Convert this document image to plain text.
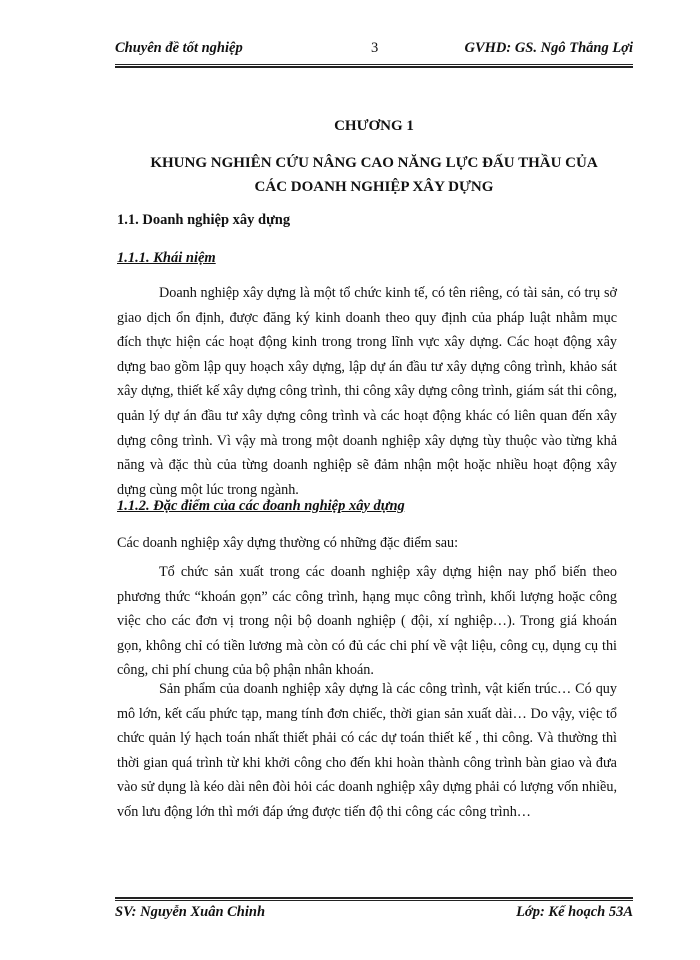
Chuyên đề tốt nghiệp	3	GVHD: GS. Ngô Thắng Lợi
CHƯƠNG 1
KHUNG NGHIÊN CỨU NÂNG CAO NĂNG LỰC ĐẤU THẦU CỦA
CÁC DOANH NGHIỆP XÂY DỰNG
1.1. Doanh nghiệp xây dựng
1.1.1. Khái niệm
Doanh nghiệp xây dựng là một tổ chức kinh tế, có tên riêng, có tài sản, có trụ sở giao dịch ổn định, được đăng ký kinh doanh theo quy định của pháp luật nhằm mục đích thực hiện các hoạt động kinh trong trong lĩnh vực xây dựng. Các hoạt động xây dựng bao gồm lập quy hoạch xây dựng, lập dự án đầu tư xây dựng công trình, khảo sát xây dựng, thiết kế xây dựng công trình, thi công xây dựng công trình, giám sát thi công, quản lý dự án đầu tư xây dựng công trình và các hoạt động khác có liên quan đến xây dựng công trình. Vì vậy mà trong một doanh nghiệp xây dựng tùy thuộc vào từng khả năng và đặc thù của từng doanh nghiệp sẽ đảm nhận một hoặc nhiều hoạt động xây dựng cùng một lúc trong ngành.
1.1.2. Đặc điểm của các đoanh nghiệp xây dựng
Các doanh nghiệp xây dựng thường có những đặc điểm sau:
Tổ chức sản xuất trong các doanh nghiệp xây dựng hiện nay phổ biến theo phương thức “khoán gọn” các công trình, hạng mục công trình, khối lượng hoặc công việc cho các đơn vị trong nội bộ doanh nghiệp ( đội, xí nghiệp…). Trong giá khoán gọn, không chỉ có tiền lương mà còn có đủ các chi phí về vật liệu, công cụ, dụng cụ thi công, chi phí chung của bộ phận nhân khoán.
Sản phẩm của doanh nghiệp xây dựng là các công trình, vật kiến trúc… Có quy mô lớn, kết cấu phức tạp, mang tính đơn chiếc, thời gian sản xuất dài… Do vậy, việc tổ chức quản lý hạch toán nhất thiết phải có các dự toán thiết kế , thi công. Và thường thì thời gian quá trình từ khi khởi công cho đến khi hoàn thành công trình bàn giao và đưa vào sử dụng là kéo dài nên đòi hỏi các doanh nghiệp xây dựng phải có lượng vốn nhiều, vốn lưu động lớn thì mới đáp ứng được tiến độ thi công các công trình…
SV: Nguyễn Xuân Chinh	Lớp: Kế hoạch 53A
